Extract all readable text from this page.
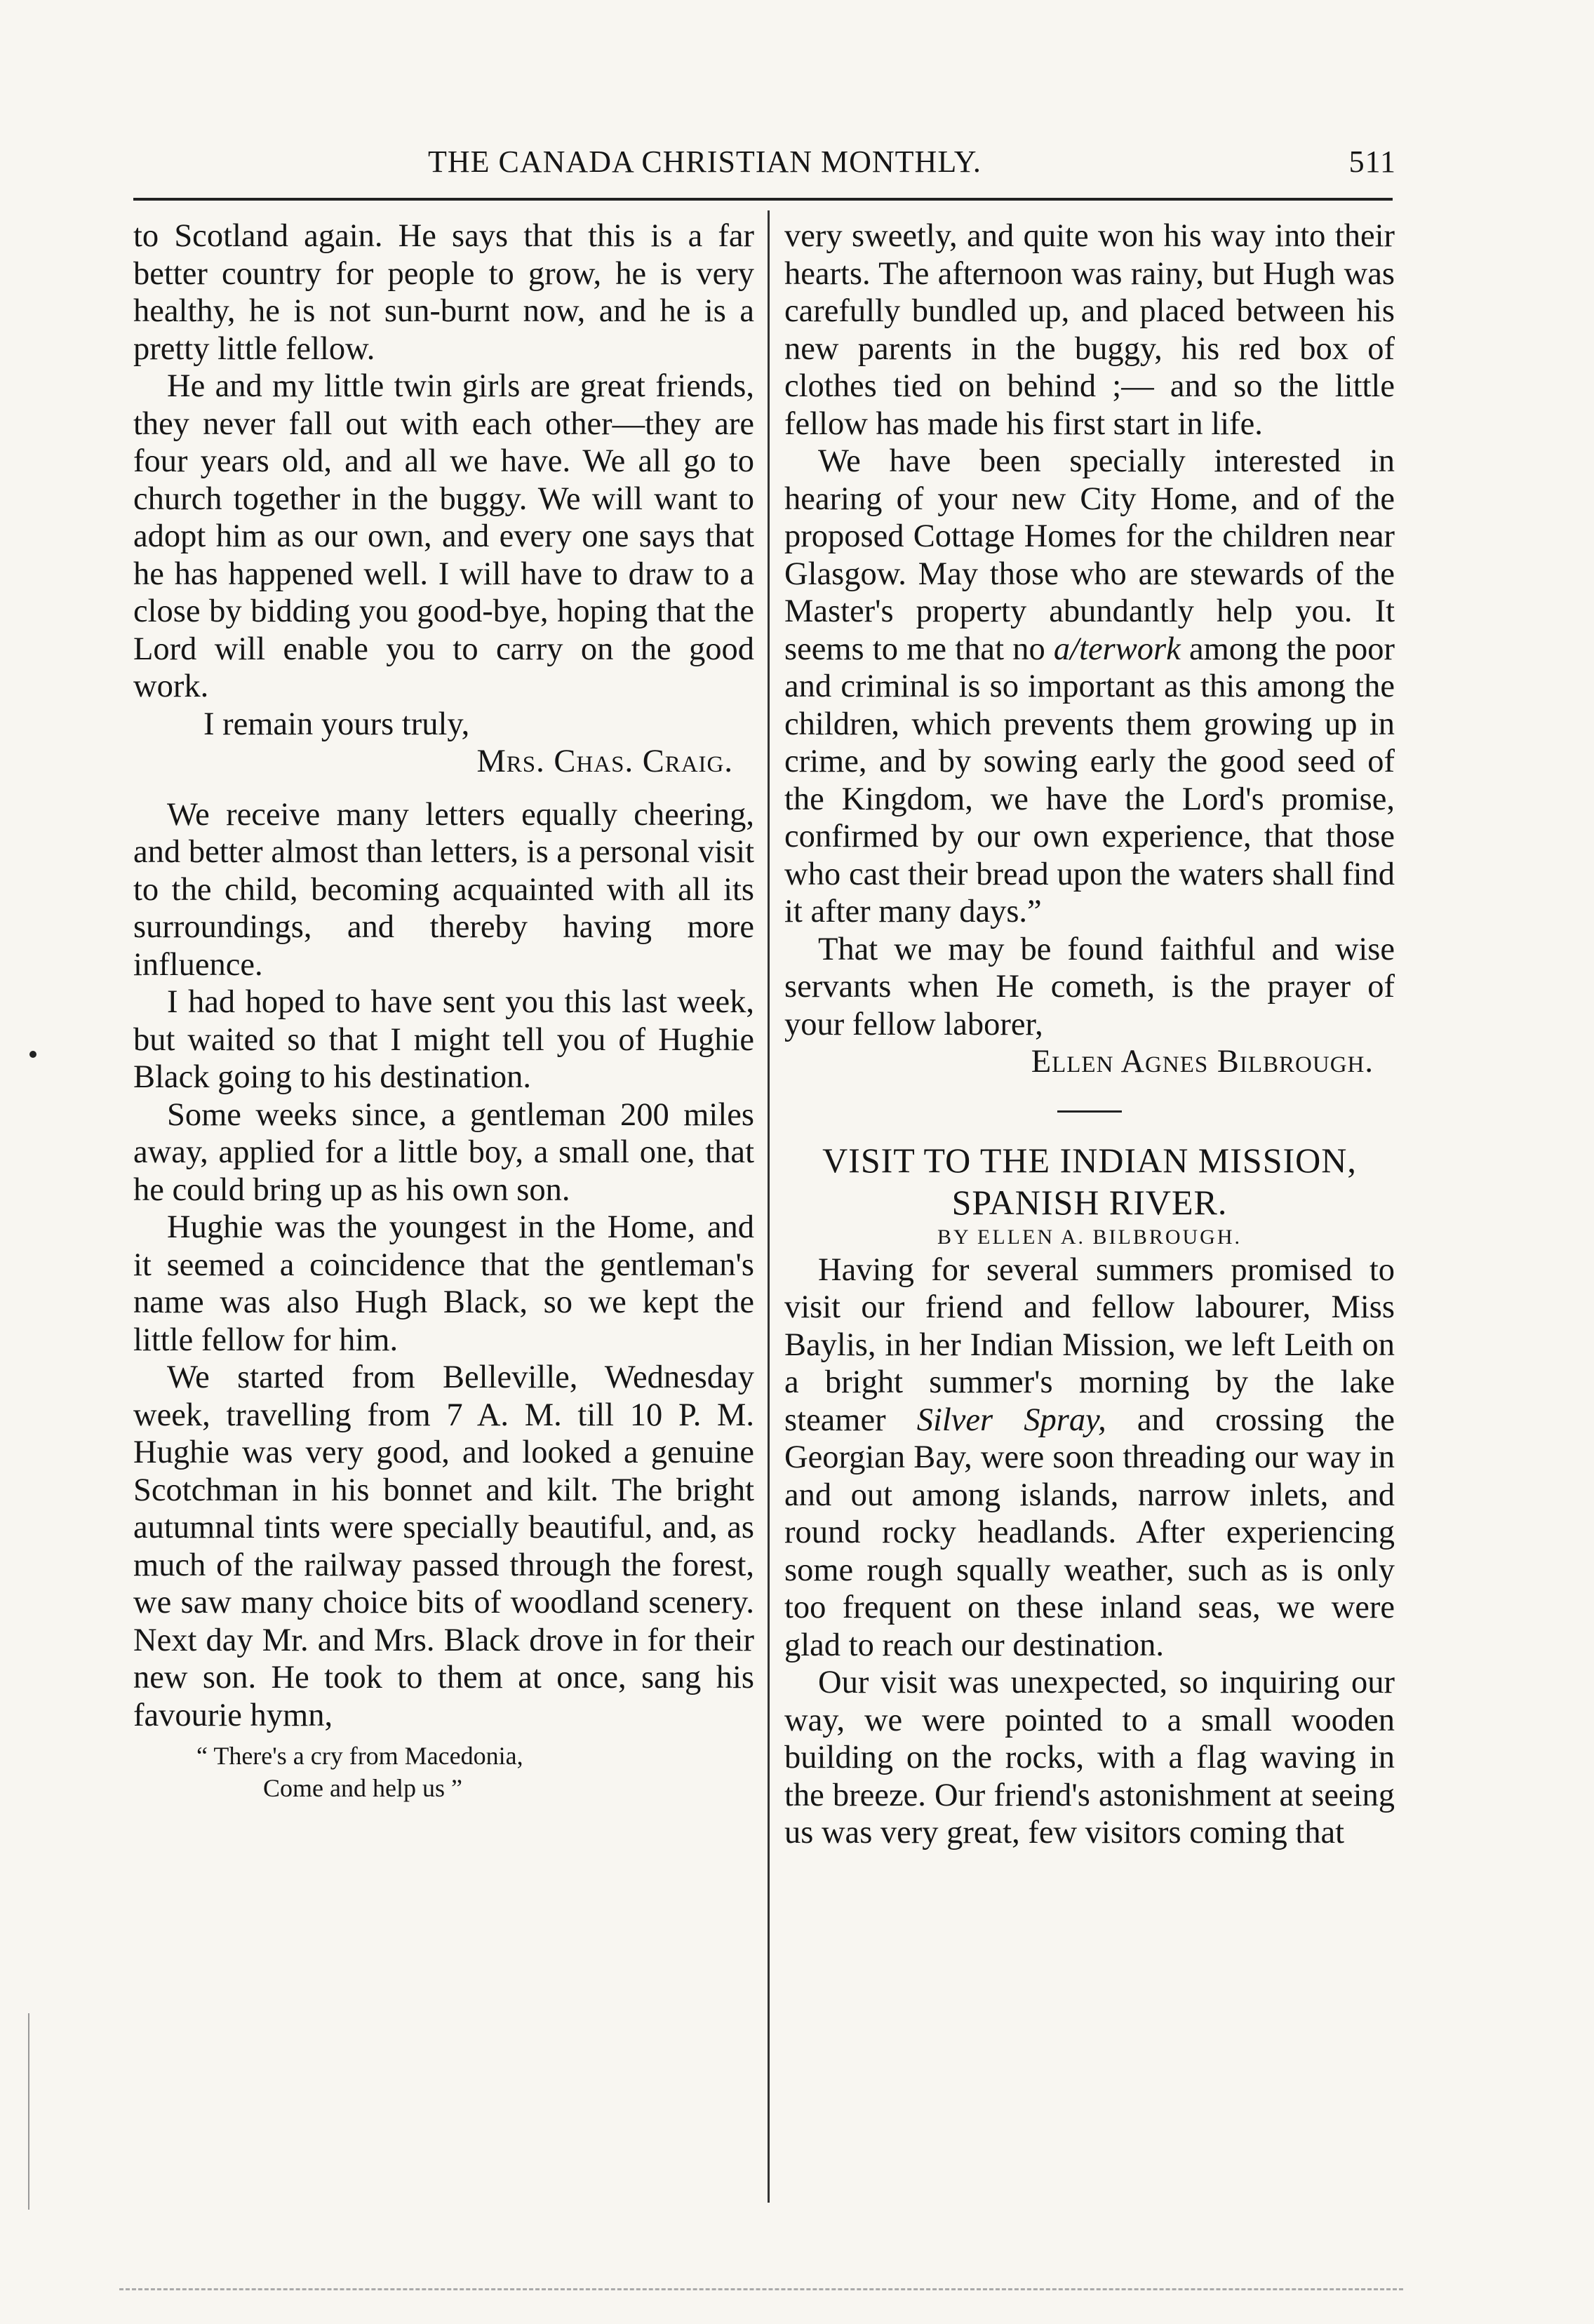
THE CANADA CHRISTIAN MONTHLY.	511

to Scotland again. He says that this is a far better country for people to grow, he is very healthy, he is not sun-burnt now, and he is a pretty little fellow.

He and my little twin girls are great friends, they never fall out with each other—they are four years old, and all we have. We all go to church together in the buggy. We will want to adopt him as our own, and every one says that he has happened well. I will have to draw to a close by bidding you good-bye, hoping that the Lord will enable you to carry on the good work.

I remain yours truly,

Mrs. Chas. Craig.

We receive many letters equally cheering, and better almost than letters, is a personal visit to the child, becoming acquainted with all its surroundings, and thereby having more influence.

I had hoped to have sent you this last week, but waited so that I might tell you of Hughie Black going to his destination.

Some weeks since, a gentleman 200 miles away, applied for a little boy, a small one, that he could bring up as his own son.

Hughie was the youngest in the Home, and it seemed a coincidence that the gentleman's name was also Hugh Black, so we kept the little fellow for him.

We started from Belleville, Wednesday week, travelling from 7 A. M. till 10 P. M. Hughie was very good, and looked a genuine Scotchman in his bonnet and kilt. The bright autumnal tints were specially beautiful, and, as much of the railway passed through the forest, we saw many choice bits of woodland scenery. Next day Mr. and Mrs. Black drove in for their new son. He took to them at once, sang his favourie hymn,

“ There's a cry from Macedonia,
Come and help us ”

very sweetly, and quite won his way into their hearts. The afternoon was rainy, but Hugh was carefully bundled up, and placed between his new parents in the buggy, his red box of clothes tied on behind ;— and so the little fellow has made his first start in life.

We have been specially interested in hearing of your new City Home, and of the proposed Cottage Homes for the children near Glasgow. May those who are stewards of the Master's property abundantly help you. It seems to me that no a/terwork among the poor and criminal is so important as this among the children, which prevents them growing up in crime, and by sowing early the good seed of the Kingdom, we have the Lord's promise, confirmed by our own experience, that those who cast their bread upon the waters shall find it after many days.”

That we may be found faithful and wise servants when He cometh, is the prayer of your fellow laborer,

Ellen Agnes Bilbrough.

VISIT TO THE INDIAN MISSION,
SPANISH RIVER.

BY ELLEN A. BILBROUGH.

Having for several summers promised to visit our friend and fellow labourer, Miss Baylis, in her Indian Mission, we left Leith on a bright summer's morning by the lake steamer Silver Spray, and crossing the Georgian Bay, were soon threading our way in and out among islands, narrow inlets, and round rocky headlands. After experiencing some rough squally weather, such as is only too frequent on these inland seas, we were glad to reach our destination.

Our visit was unexpected, so inquiring our way, we were pointed to a small wooden building on the rocks, with a flag waving in the breeze. Our friend's astonishment at seeing us was very great, few visitors coming that
